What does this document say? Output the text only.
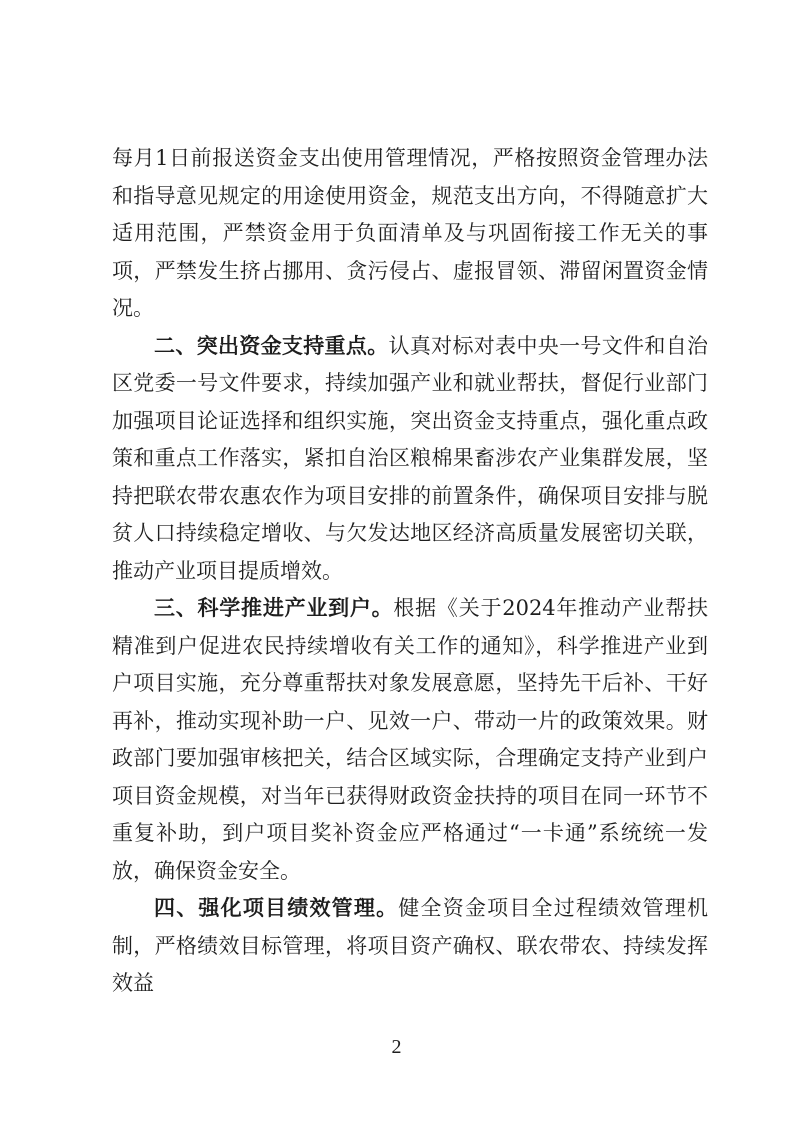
每月1日前报送资金支出使用管理情况，严格按照资金管理办法和指导意见规定的用途使用资金，规范支出方向，不得随意扩大适用范围，严禁资金用于负面清单及与巩固衔接工作无关的事项，严禁发生挤占挪用、贪污侵占、虚报冒领、滞留闲置资金情况。

二、突出资金支持重点。认真对标对表中央一号文件和自治区党委一号文件要求，持续加强产业和就业帮扶，督促行业部门加强项目论证选择和组织实施，突出资金支持重点，强化重点政策和重点工作落实，紧扣自治区粮棉果畜涉农产业集群发展，坚持把联农带农惠农作为项目安排的前置条件，确保项目安排与脱贫人口持续稳定增收、与欠发达地区经济高质量发展密切关联，推动产业项目提质增效。

三、科学推进产业到户。根据《关于2024年推动产业帮扶精准到户促进农民持续增收有关工作的通知》，科学推进产业到户项目实施，充分尊重帮扶对象发展意愿，坚持先干后补、干好再补，推动实现补助一户、见效一户、带动一片的政策效果。财政部门要加强审核把关，结合区域实际，合理确定支持产业到户项目资金规模，对当年已获得财政资金扶持的项目在同一环节不重复补助，到户项目奖补资金应严格通过“一卡通”系统统一发放，确保资金安全。

四、强化项目绩效管理。健全资金项目全过程绩效管理机制，严格绩效目标管理，将项目资产确权、联农带农、持续发挥效益

2
